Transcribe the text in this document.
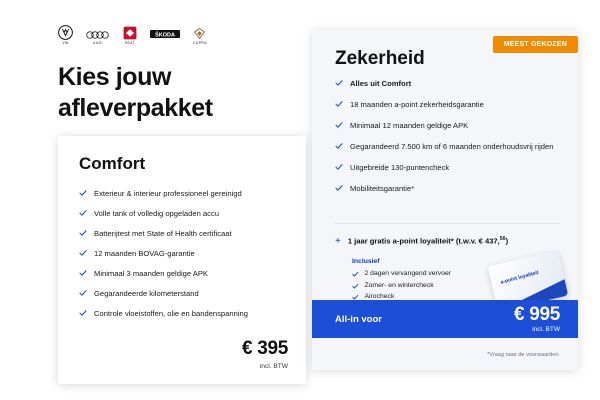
VW	AUDI	SEAT
ŠKODA
CUPRA
Kies jouw afleverpakket
Comfort
Exterieur & interieur professioneel gereinigd
Volle tank of volledig opgeladen accu
Batterijtest met State of Health certificaat
12 maanden BOVAG-garantie
Minimaal 3 maanden geldige APK
Gegarandeerde kilometerstand
Controle vloeistoffen, olie en bandenspanning
€ 395
incl. BTW
MEEST GEKOZEN
Zekerheid
Alles uit Comfort
18 maanden a-point zekerheidsgarantie
Minimaal 12 maanden geldige APK
Gegarandeerd 7.500 km of 6 maanden onderhoudsvrij rijden
Uitgebreide 130-puntencheck
Mobiliteitsgarantie*
+ 1 jaar gratis a-point loyaliteit* (t.w.v. € 437,50)
Inclusief
2 dagen vervangend vervoer
Zomer- en wintercheck
Airocheck
a-point loyaliteit
All-in voor	€ 995
incl. BTW
*Vraag naar de voorwaarden.
